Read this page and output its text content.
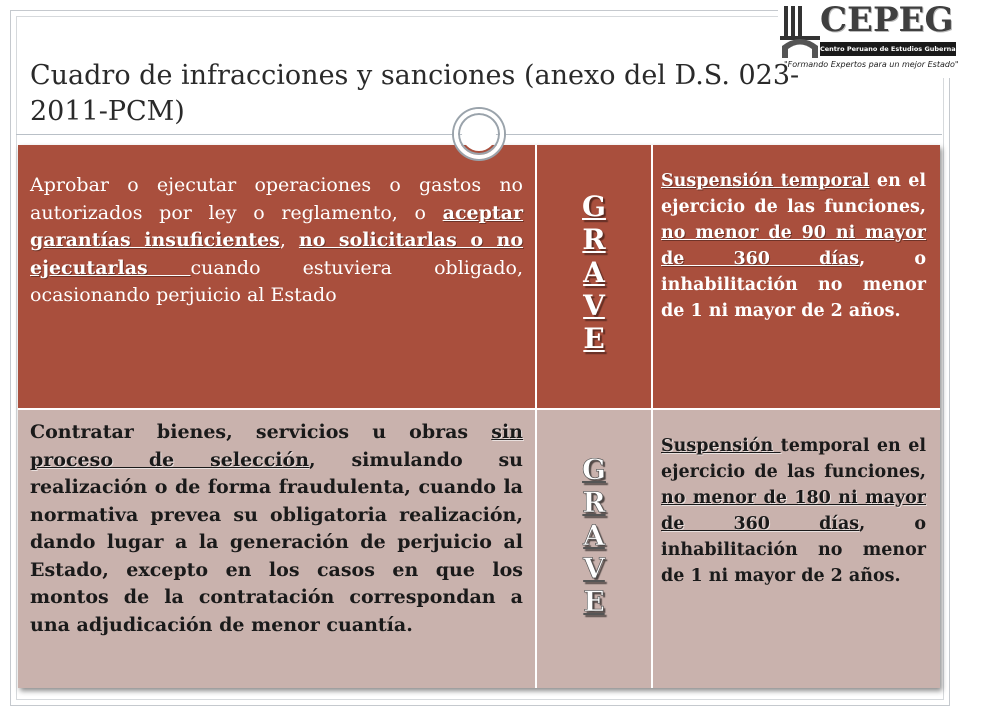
CEPEG
Centro Peruano de Estudios Gubernamentales
"Formando Expertos para un mejor Estado"
Cuadro de infracciones y sanciones (anexo del D.S. 023-2011-PCM)

Aprobar o ejecutar operaciones o gastos no autorizados por ley o reglamento, o aceptar garantías insuficientes, no solicitarlas o no ejecutarlas cuando estuviera obligado, ocasionando perjuicio al Estado

G
R
A
V
E

Suspensión temporal en el ejercicio de las funciones, no menor de 90 ni mayor de 360 días, o inhabilitación no menor de 1 ni mayor de 2 años.

Contratar bienes, servicios u obras sin proceso de selección, simulando su realización o de forma fraudulenta, cuando la normativa prevea su obligatoria realización, dando lugar a la generación de perjuicio al Estado, excepto en los casos en que los montos de la contratación correspondan a una adjudicación de menor cuantía.

G
R
A
V
E

Suspensión temporal en el ejercicio de las funciones, no menor de 180 ni mayor de 360 días, o inhabilitación no menor de 1 ni mayor de 2 años.
